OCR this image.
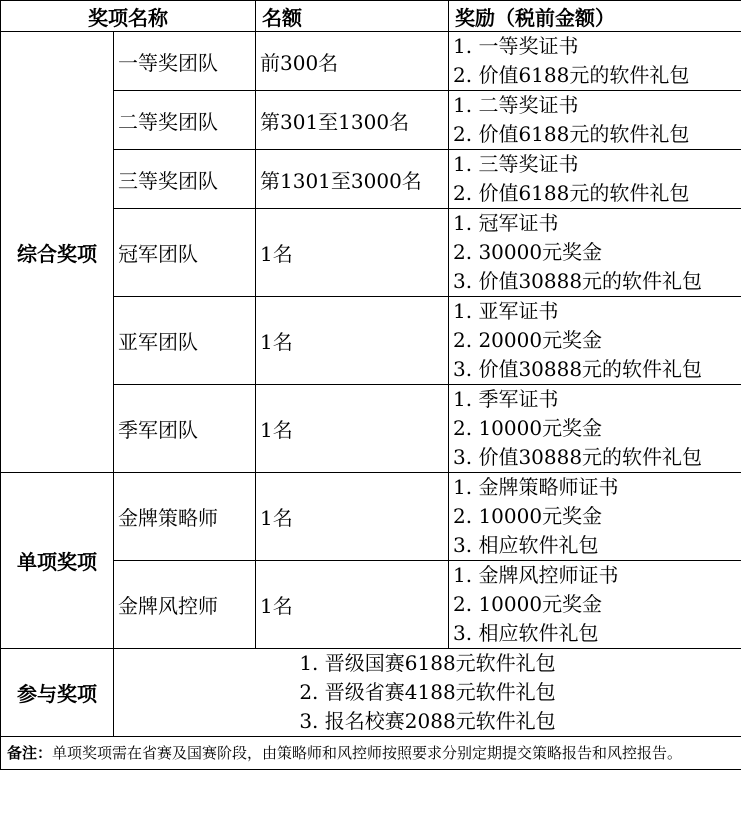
奖项名称		名额	奖励（税前金额）
综合奖项	一等奖团队	前300名	1. 一等奖证书
2. 价值6188元的软件礼包

	二等奖团队	第301至1300名	1. 二等奖证书
2. 价值6188元的软件礼包

	三等奖团队	第1301至3000名	1. 三等奖证书
2. 价值6188元的软件礼包

	冠军团队	1名	1. 冠军证书
2. 30000元奖金
3. 价值30888元的软件礼包

	亚军团队	1名	1. 亚军证书
2. 20000元奖金
3. 价值30888元的软件礼包

	季军团队	1名	1. 季军证书
2. 10000元奖金
3. 价值30888元的软件礼包

单项奖项	金牌策略师	1名	1. 金牌策略师证书
2. 10000元奖金
3. 相应软件礼包

	金牌风控师	1名	1. 金牌风控师证书
2. 10000元奖金
3. 相应软件礼包

参与奖项	1. 晋级国赛6188元软件礼包
2. 晋级省赛4188元软件礼包
3. 报名校赛2088元软件礼包		

备注：单项奖项需在省赛及国赛阶段，由策略师和风控师按照要求分别定期提交策略报告和风控报告。			
